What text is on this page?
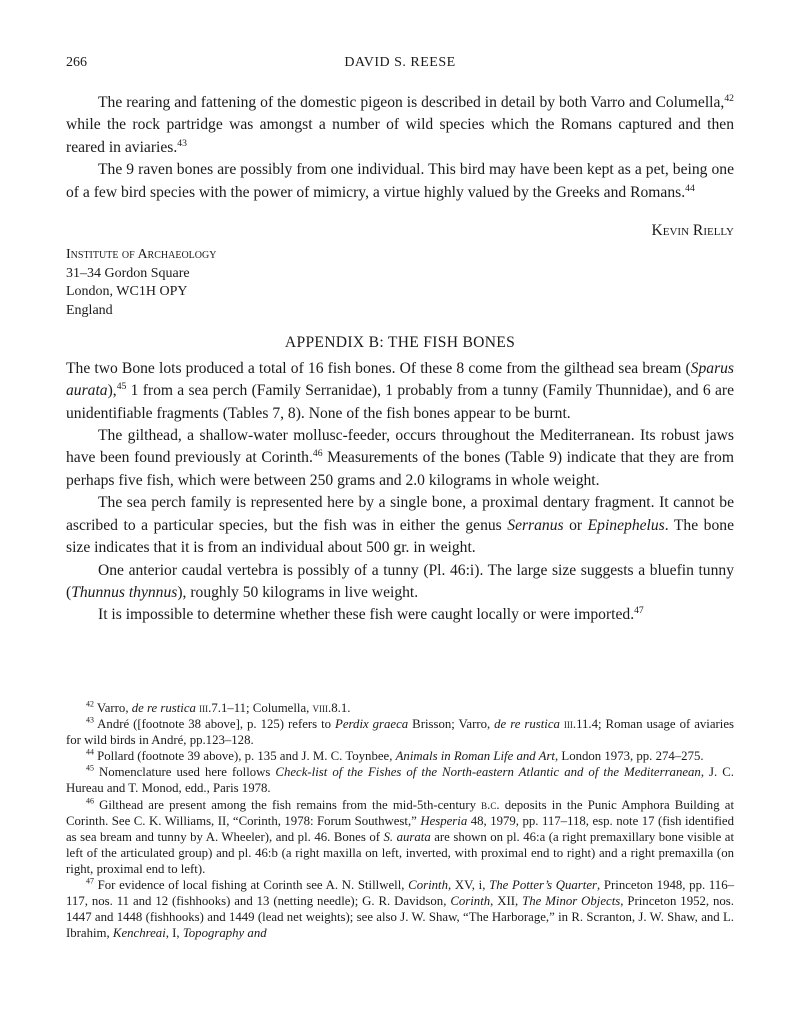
266	DAVID S. REESE

The rearing and fattening of the domestic pigeon is described in detail by both Varro and Columella,$^{42}$ while the rock partridge was amongst a number of wild species which the Romans captured and then reared in aviaries.$^{43}$

The 9 raven bones are possibly from one individual. This bird may have been kept as a pet, being one of a few bird species with the power of mimicry, a virtue highly valued by the Greeks and Romans.$^{44}$

Kevin Rielly
Institute of Archaeology
31–34 Gordon Square
London, WC1H OPY
England
APPENDIX B: THE FISH BONES

The two Bone lots produced a total of 16 fish bones. Of these 8 come from the gilthead sea bream (Sparus aurata),$^{45}$ 1 from a sea perch (Family Serranidae), 1 probably from a tunny (Family Thunnidae), and 6 are unidentifiable fragments (Tables 7, 8). None of the fish bones appear to be burnt.

The gilthead, a shallow-water mollusc-feeder, occurs throughout the Mediterranean. Its robust jaws have been found previously at Corinth.$^{46}$ Measurements of the bones (Table 9) indicate that they are from perhaps five fish, which were between 250 grams and 2.0 kilograms in whole weight.

The sea perch family is represented here by a single bone, a proximal dentary fragment. It cannot be ascribed to a particular species, but the fish was in either the genus Serranus or Epinephelus. The bone size indicates that it is from an individual about 500 gr. in weight.

One anterior caudal vertebra is possibly of a tunny (Pl. 46:i). The large size suggests a bluefin tunny (Thunnus thynnus), roughly 50 kilograms in live weight.

It is impossible to determine whether these fish were caught locally or were imported.$^{47}$

$^{42}$ Varro, de re rustica iii.7.1–11; Columella, viii.8.1.

$^{43}$ André ([footnote 38 above], p. 125) refers to Perdix graeca Brisson; Varro, de re rustica iii.11.4; Roman usage of aviaries for wild birds in André, pp.123–128.

$^{44}$ Pollard (footnote 39 above), p. 135 and J. M. C. Toynbee, Animals in Roman Life and Art, London 1973, pp. 274–275.

$^{45}$ Nomenclature used here follows Check-list of the Fishes of the North-eastern Atlantic and of the Mediterranean, J. C. Hureau and T. Monod, edd., Paris 1978.

$^{46}$ Gilthead are present among the fish remains from the mid-5th-century b.c. deposits in the Punic Amphora Building at Corinth. See C. K. Williams, II, “Corinth, 1978: Forum Southwest,” Hesperia 48, 1979, pp. 117–118, esp. note 17 (fish identified as sea bream and tunny by A. Wheeler), and pl. 46. Bones of S. aurata are shown on pl. 46:a (a right premaxillary bone visible at left of the articulated group) and pl. 46:b (a right maxilla on left, inverted, with proximal end to right) and a right premaxilla (on right, proximal end to left).

$^{47}$ For evidence of local fishing at Corinth see A. N. Stillwell, Corinth, XV, i, The Potter’s Quarter, Princeton 1948, pp. 116–117, nos. 11 and 12 (fishhooks) and 13 (netting needle); G. R. Davidson, Corinth, XII, The Minor Objects, Princeton 1952, nos. 1447 and 1448 (fishhooks) and 1449 (lead net weights); see also J. W. Shaw, “The Harborage,” in R. Scranton, J. W. Shaw, and L. Ibrahim, Kenchreai, I, Topography and
